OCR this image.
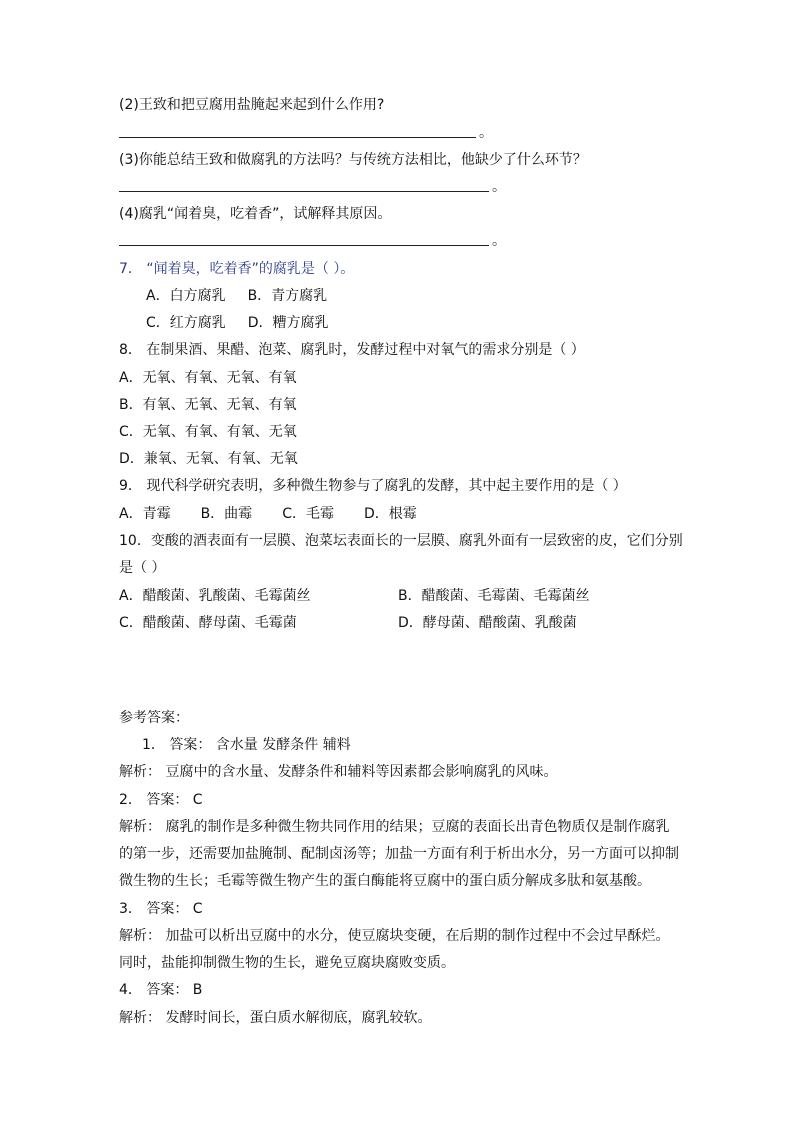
(2)王致和把豆腐用盐腌起来起到什么作用?
。
(3)你能总结王致和做腐乳的方法吗？与传统方法相比，他缺少了什么环节？
。
(4)腐乳“闻着臭，吃着香”，试解释其原因。
。
7． “闻着臭，吃着香”的腐乳是（ ）。
A．白方腐乳 B．青方腐乳
C．红方腐乳 D．糟方腐乳
8． 在制果酒、果醋、泡菜、腐乳时，发酵过程中对氧气的需求分别是（ ）
A．无氧、有氧、无氧、有氧
B．有氧、无氧、无氧、有氧
C．无氧、有氧、有氧、无氧
D．兼氧、无氧、有氧、无氧
9． 现代科学研究表明，多种微生物参与了腐乳的发酵，其中起主要作用的是（ ）
A．青霉 B．曲霉 C．毛霉 D．根霉
10．变酸的酒表面有一层膜、泡菜坛表面长的一层膜、腐乳外面有一层致密的皮，它们分别
是（ ）
A．醋酸菌、乳酸菌、毛霉菌丝	B．醋酸菌、毛霉菌、毛霉菌丝
C．醋酸菌、酵母菌、毛霉菌	D．酵母菌、醋酸菌、乳酸菌
参考答案：
1． 答案： 含水量 发酵条件 辅料
解析： 豆腐中的含水量、发酵条件和辅料等因素都会影响腐乳的风味。
2． 答案： C
解析： 腐乳的制作是多种微生物共同作用的结果；豆腐的表面长出青色物质仅是制作腐乳
的第一步，还需要加盐腌制、配制卤汤等；加盐一方面有利于析出水分，另一方面可以抑制
微生物的生长；毛霉等微生物产生的蛋白酶能将豆腐中的蛋白质分解成多肽和氨基酸。
3． 答案： C
解析： 加盐可以析出豆腐中的水分，使豆腐块变硬，在后期的制作过程中不会过早酥烂。
同时，盐能抑制微生物的生长，避免豆腐块腐败变质。
4． 答案： B
解析： 发酵时间长，蛋白质水解彻底，腐乳较软。
